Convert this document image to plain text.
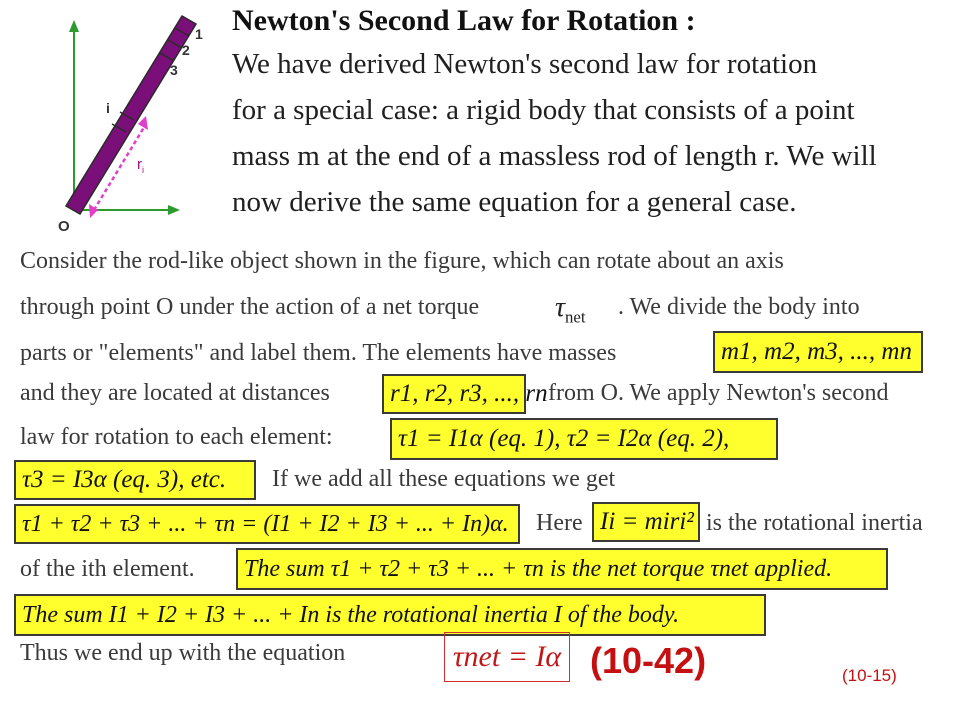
1
2
3
i
$r_i$
O
Newton's Second Law for Rotation :
We have derived Newton's second law for rotation
for a special case: a rigid body that consists of a point
mass m at the end of a massless rod of length r. We will
now derive the same equation for a general case.
Consider the rod-like object shown in the figure, which can rotate about an axis
through point O under the action of a net torque	$\tau_{net}$ . We divide the body into
parts or "elements" and label them. The elements have masses	m1, m2, m3, ..., mn
and they are located at distances	r1, r2, r3, ..., rn from O. We apply Newton's second
law for rotation to each element:	τ1 = I1α (eq. 1), τ2 = I2α (eq. 2),
τ3 = I3α (eq. 3), etc.	If we add all these equations we get
τ1 + τ2 + τ3 + ... + τn = (I1 + I2 + I3 + ... + In)α.	Here Ii = miri² is the rotational inertia
of the ith element.	The sum τ1 + τ2 + τ3 + ... + τn is the net torque τnet applied.
The sum I1 + I2 + I3 + ... + In is the rotational inertia I of the body.
Thus we end up with the equation	τnet = Iα (10-42)	(10-15)
